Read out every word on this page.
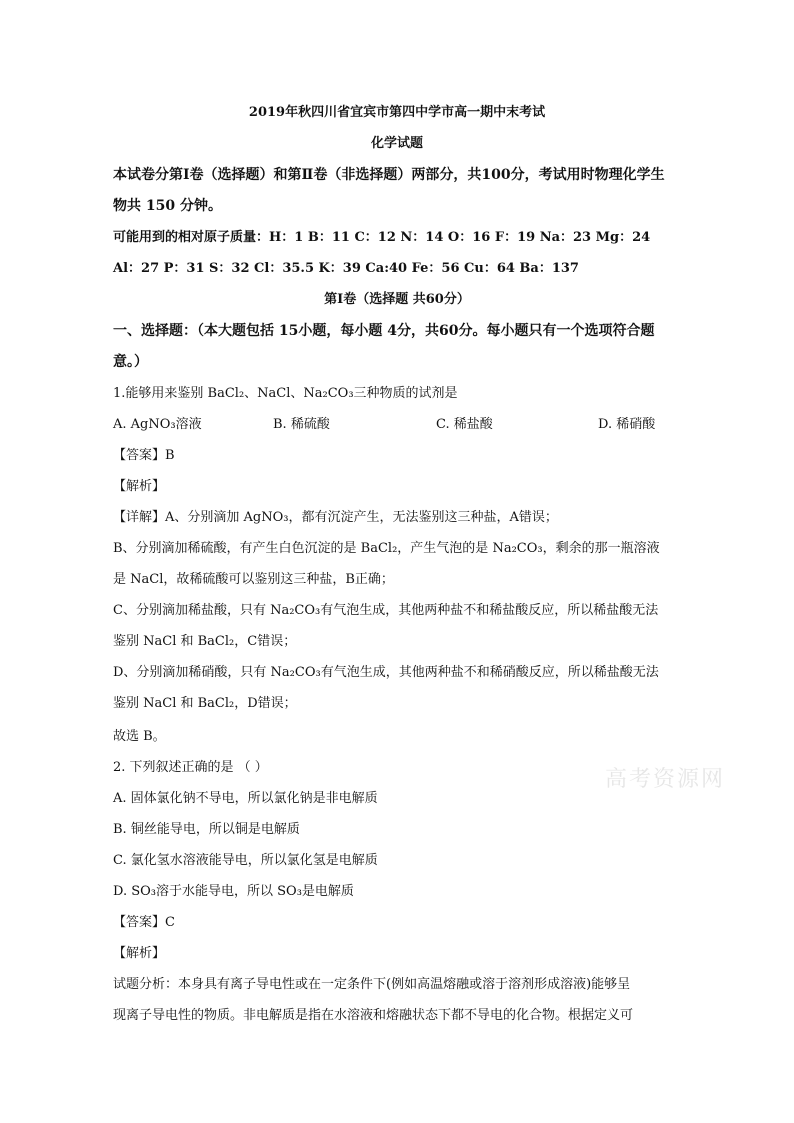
2019年秋四川省宜宾市第四中学市高一期中末考试
化学试题
本试卷分第Ⅰ卷（选择题）和第Ⅱ卷（非选择题）两部分，共100分，考试用时物理化学生
物共 150 分钟。
可能用到的相对原子质量：H：1 B：11 C：12 N：14 O：16 F：19 Na：23 Mg：24
Al：27 P：31 S：32 Cl：35.5 K：39 Ca:40 Fe：56 Cu：64 Ba：137
第Ⅰ卷（选择题 共60分）
一、选择题：（本大题包括 15小题，每小题 4分，共60分。每小题只有一个选项符合题
意。）
1.能够用来鉴别 BaCl₂、NaCl、Na₂CO₃三种物质的试剂是
A. AgNO₃溶液	B. 稀硫酸	C. 稀盐酸	D. 稀硝酸
【答案】B
【解析】
【详解】A、分别滴加 AgNO₃，都有沉淀产生，无法鉴别这三种盐，A错误；
B、分别滴加稀硫酸，有产生白色沉淀的是 BaCl₂，产生气泡的是 Na₂CO₃，剩余的那一瓶溶液
是 NaCl，故稀硫酸可以鉴别这三种盐，B正确；
C、分别滴加稀盐酸，只有 Na₂CO₃有气泡生成，其他两种盐不和稀盐酸反应，所以稀盐酸无法
鉴别 NaCl 和 BaCl₂，C错误；
D、分别滴加稀硝酸，只有 Na₂CO₃有气泡生成，其他两种盐不和稀硝酸反应，所以稀盐酸无法
鉴别 NaCl 和 BaCl₂，D错误；
故选 B。
2. 下列叙述正确的是 （ ）
A. 固体氯化钠不导电，所以氯化钠是非电解质
B. 铜丝能导电，所以铜是电解质
C. 氯化氢水溶液能导电，所以氯化氢是电解质
D. SO₃溶于水能导电，所以 SO₃是电解质
【答案】C
【解析】
试题分析：本身具有离子导电性或在一定条件下(例如高温熔融或溶于溶剂形成溶液)能够呈
现离子导电性的物质。非电解质是指在水溶液和熔融状态下都不导电的化合物。根据定义可
高考资源网
